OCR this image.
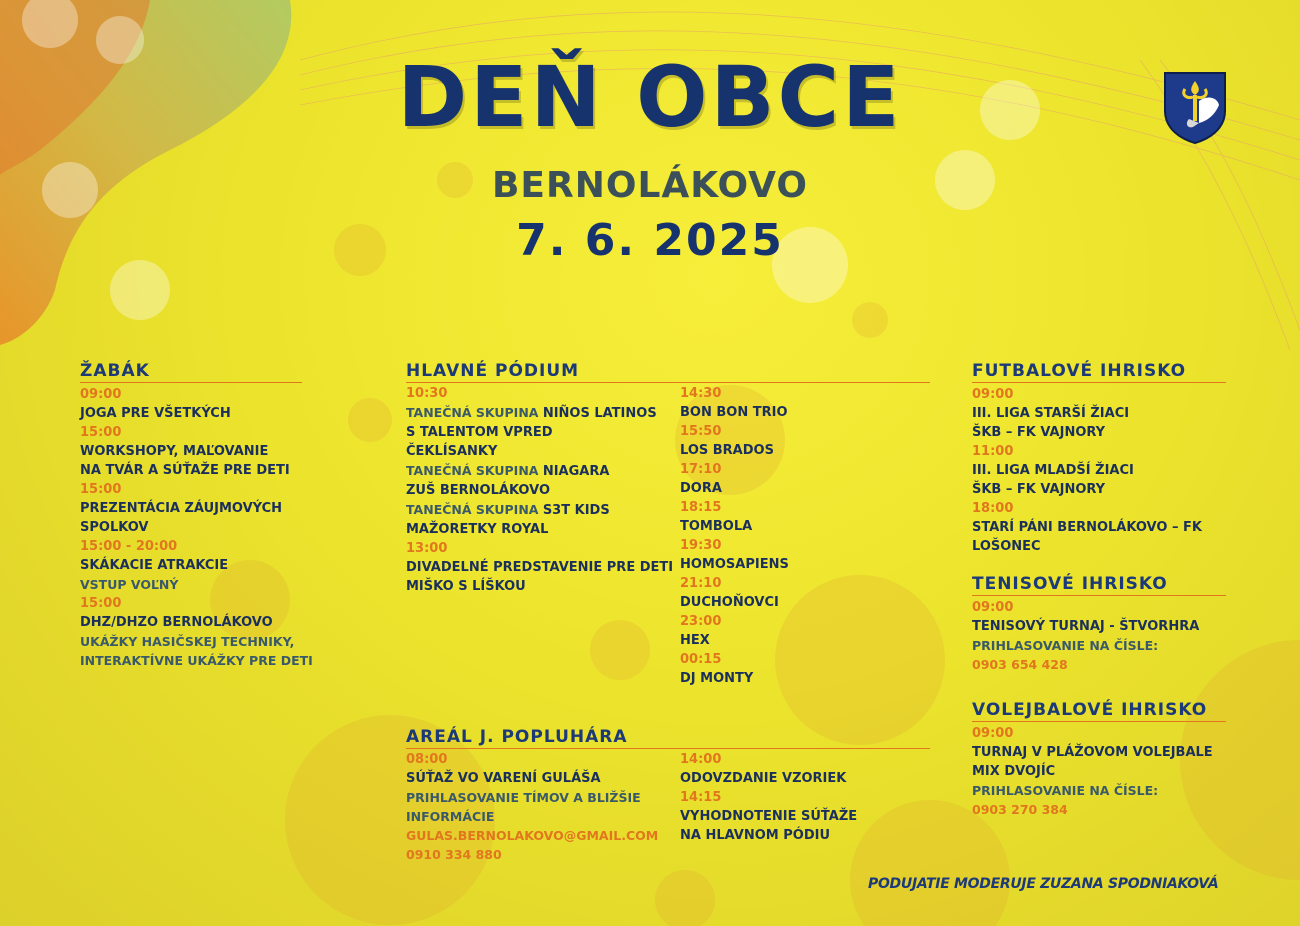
DEŇ OBCE
BERNOLÁKOVO
7. 6. 2025
ŽABÁK
09:00
JOGA PRE VŠETKÝCH
15:00
WORKSHOPY, MAĽOVANIE
NA TVÁR A SÚŤAŽE PRE DETI
15:00
PREZENTÁCIA ZÁUJMOVÝCH
SPOLKOV
15:00 - 20:00
SKÁKACIE ATRAKCIE
VSTUP VOĽNÝ
15:00
DHZ/DHZO BERNOLÁKOVO
UKÁŽKY HASIČSKEJ TECHNIKY,
INTERAKTÍVNE UKÁŽKY PRE DETI
HLAVNÉ PÓDIUM
10:30
TANEČNÁ SKUPINA NIÑOS LATINOS
S TALENTOM VPRED
ČEKLÍSANKY
TANEČNÁ SKUPINA NIAGARA
ZUŠ BERNOLÁKOVO
TANEČNÁ SKUPINA S3T KIDS
MAŽORETKY ROYAL
13:00
DIVADELNÉ PREDSTAVENIE PRE DETI
MIŠKO S LÍŠKOU
14:30
BON BON TRIO
15:50
LOS BRADOS
17:10
DORA
18:15
TOMBOLA
19:30
HOMOSAPIENS
21:10
DUCHOŇOVCI
23:00
HEX
00:15
DJ MONTY
AREÁL J. POPLUHÁRA
08:00
SÚŤAŽ VO VARENÍ GULÁŠA
PRIHLASOVANIE TÍMOV A BLIŽŠIE
INFORMÁCIE
GULAS.BERNOLAKOVO@GMAIL.COM
0910 334 880
14:00
ODOVZDANIE VZORIEK
14:15
VYHODNOTENIE SÚŤAŽE
NA HLAVNOM PÓDIU
FUTBALOVÉ IHRISKO
09:00
III. LIGA STARŠÍ ŽIACI
ŠKB – FK VAJNORY
11:00
III. LIGA MLADŠÍ ŽIACI
ŠKB – FK VAJNORY
18:00
STARÍ PÁNI BERNOLÁKOVO – FK
LOŠONEC
TENISOVÉ IHRISKO
09:00
TENISOVÝ TURNAJ - ŠTVORHRA
PRIHLASOVANIE NA ČÍSLE:
0903 654 428
VOLEJBALOVÉ IHRISKO
09:00
TURNAJ V PLÁŽOVOM VOLEJBALE
MIX DVOJÍC
PRIHLASOVANIE NA ČÍSLE:
0903 270 384
PODUJATIE MODERUJE ZUZANA SPODNIAKOVÁ
